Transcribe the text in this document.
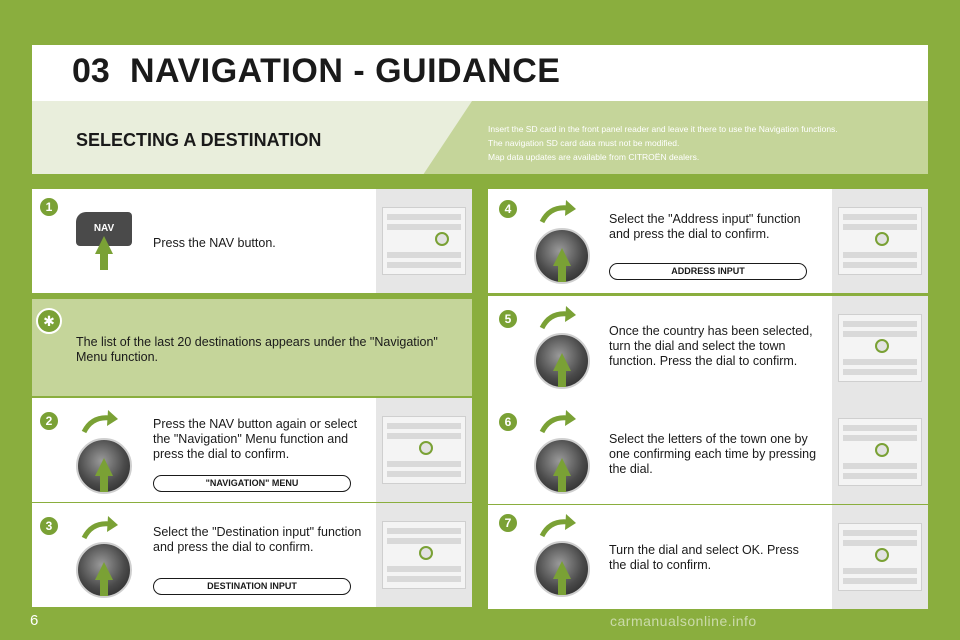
03 NAVIGATION - GUIDANCE
SELECTING A DESTINATION

Insert the SD card in the front panel reader and leave it there to use the Navigation functions.

The navigation SD card data must not be modified.

Map data updates are available from CITROËN dealers.

1
NAV
Press the NAV button.
✱
The list of the last 20 destinations appears under the "Navigation" Menu function.
2	Press the NAV button again or select the "Navigation" Menu function and press the dial to confirm.
"NAVIGATION" MENU
3	Select the "Destination input" function and press the dial to confirm.
DESTINATION INPUT
4
Select the "Address input" function and press the dial to confirm.
ADDRESS INPUT
5
Once the country has been selected, turn the dial and select the town function. Press the dial to confirm.
6
Select the letters of the town one by one confirming each time by pressing the dial.
7
Turn the dial and select OK. Press the dial to confirm.
6	carmanualsonline.info
